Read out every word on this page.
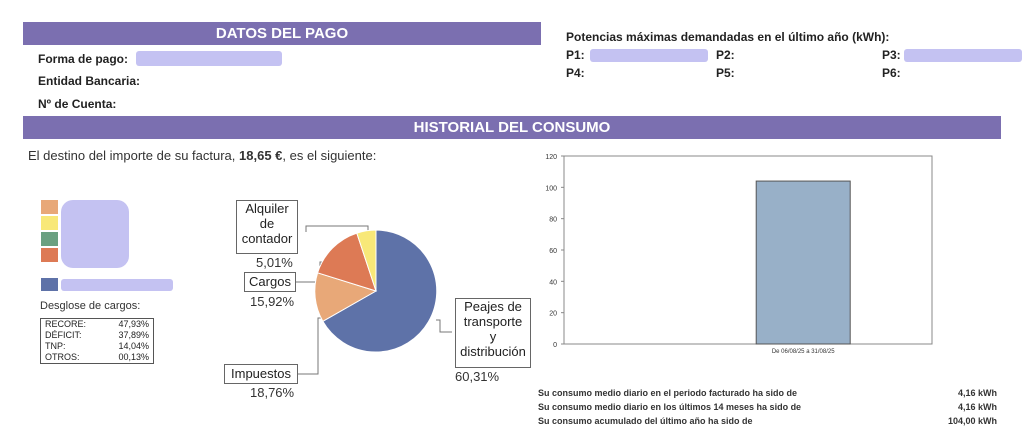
DATOS DEL PAGO
Forma de pago:
Entidad Bancaria:
Nº de Cuenta:
Potencias máximas demandadas en el último año (kWh):
P1:	P2:	P3:
P4:	P5:	P6:
HISTORIAL DEL CONSUMO
El destino del importe de su factura, 18,65 €, es el siguiente:
Desglose de cargos:
RECORE:	47,93%
DÉFICIT:	37,89%
TNP:	14,04%
OTROS:	00,13%
Alquiler
de
contador
5,01%
Cargos
15,92%
Impuestos
18,76%
Peajes de
transporte
y
distribución
60,31%
0
20
40
60
80
100
120
De 06/08/25 a 31/08/25
Su consumo medio diario en el periodo facturado ha sido de	4,16 kWh
Su consumo medio diario en los últimos 14 meses ha sido de	4,16 kWh
Su consumo acumulado del último año ha sido de	104,00 kWh
